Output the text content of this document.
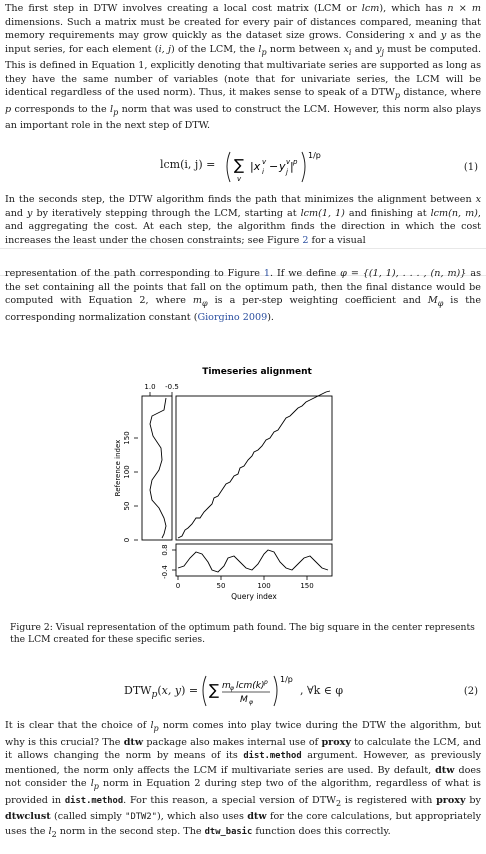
The first step in DTW involves creating a local cost matrix (LCM or lcm), which has n × m dimensions. Such a matrix must be created for every pair of distances compared, meaning that memory requirements may grow quickly as the dataset size grows. Considering x and y as the input series, for each element (i, j) of the LCM, the $l_p$ norm between $x_i$ and $y_j$ must be computed. This is defined in Equation 1, explicitly denoting that multivariate series are supported as long as they have the same number of variables (note that for univariate series, the LCM will be identical regardless of the used norm). Thus, it makes sense to speak of a $DTW_p$ distance, where p corresponds to the $l_p$ norm that was used to construct the LCM. However, this norm also plays an important role in the next step of DTW.

lcm(i, j) = ∑
v
|x v
i − y v
j | p
1/p
(1)

In the seconds step, the DTW algorithm finds the path that minimizes the alignment between x and y by iteratively stepping through the LCM, starting at lcm(1, 1) and finishing at lcm(n, m), and aggregating the cost. At each step, the algorithm finds the direction in which the cost increases the least under the chosen constraints; see Figure 2 for a visual

representation of the path corresponding to Figure 1. If we define φ = {(1, 1), . . . , (n, m)} as the set containing all the points that fall on the optimum path, then the final distance would be computed with Equation 2, where $m_\varphi$ is a per-step weighting coefficient and $M_\varphi$ is the corresponding normalization constant (Giorgino 2009).

Timeseries alignment
1.0 -0.5
0
50
100
150
Reference index
0.8
-0.4
0	50	100	150
Query index
Figure 2: Visual representation of the optimum path found. The big square in the center represents the LCM created for these specific series.
$DTW_p(x$, y) = ∑ m φ lcm(k) p
M φ
1/p
, ∀k ∈ φ	(2)

It is clear that the choice of $l_p$ norm comes into play twice during the DTW the algorithm, but why is this crucial? The dtw package also makes internal use of proxy to calculate the LCM, and it allows changing the norm by means of its dist.method argument. However, as previously mentioned, the norm only affects the LCM if multivariate series are used. By default, dtw does not consider the $l_p$ norm in Equation 2 during step two of the algorithm, regardless of what is provided in dist.method. For this reason, a special version of $DTW_2$ is registered with proxy by dtwclust (called simply "DTW2"), which also uses dtw for the core calculations, but appropriately uses the $l_2$ norm in the second step. The dtw_basic function does this correctly.
